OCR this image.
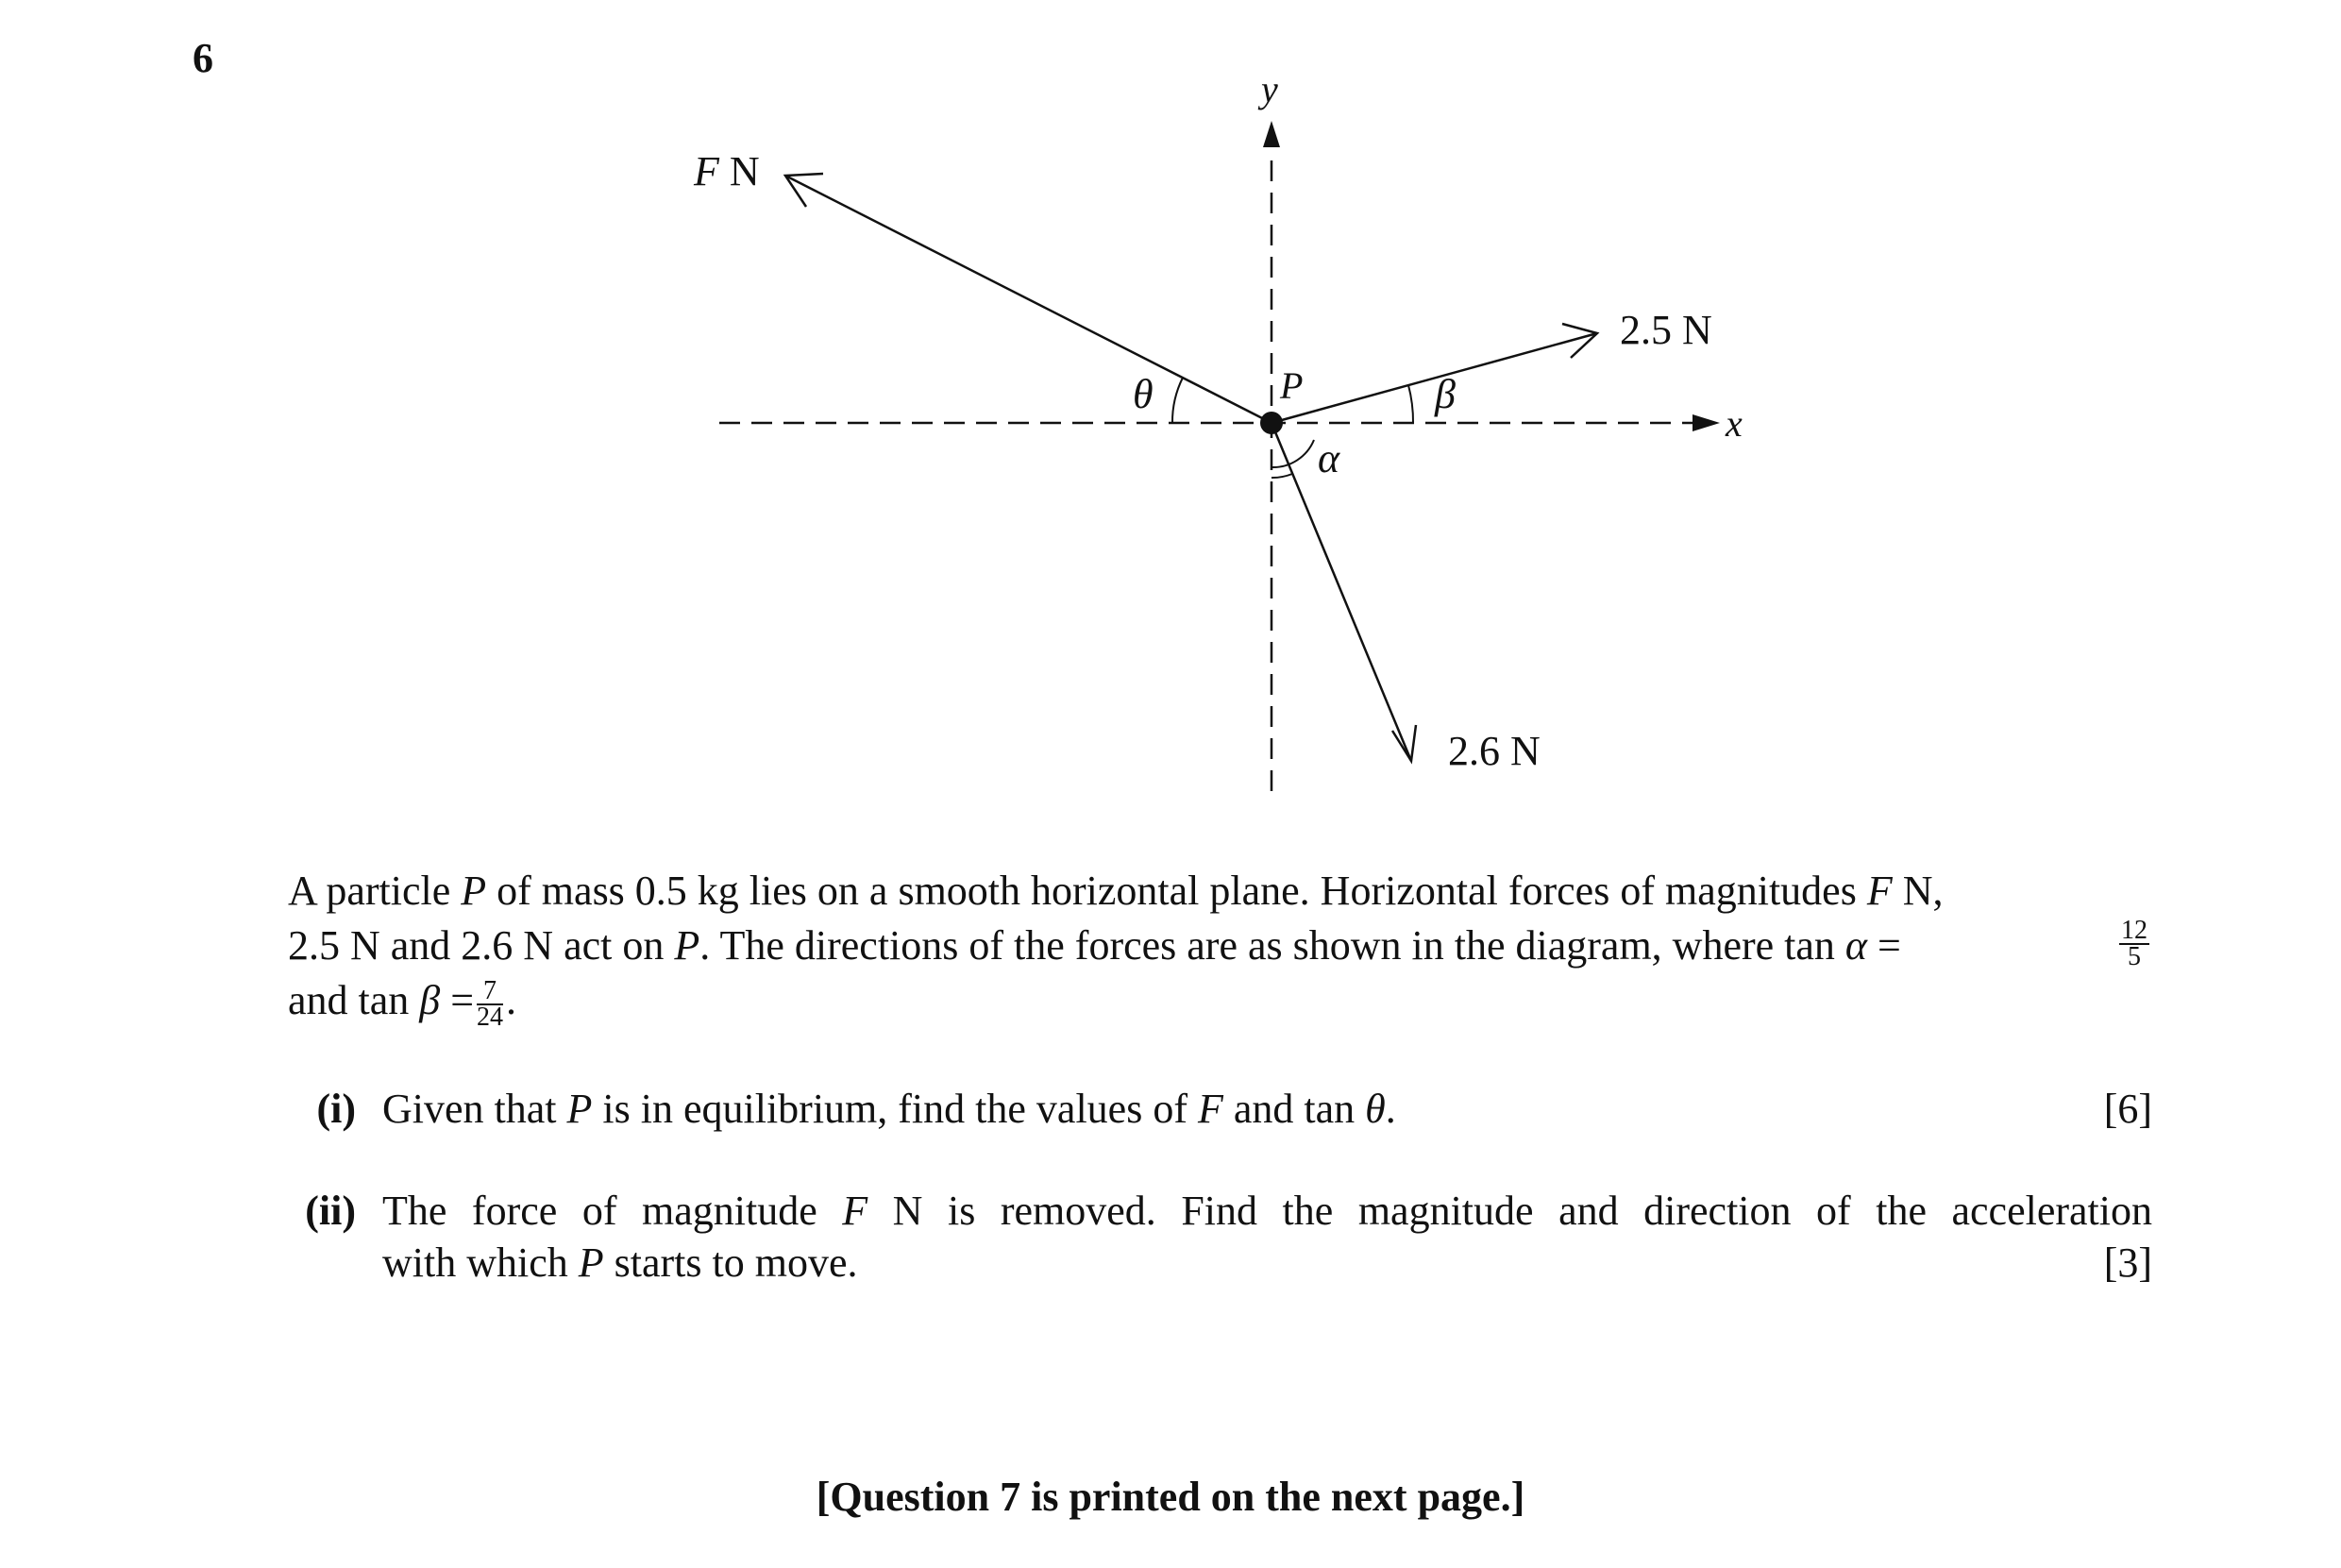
6
y
x
P
F N
2.5 N
2.6 N
θ	β
α
A particle P of mass 0.5 kg lies on a smooth horizontal plane. Horizontal forces of magnitudes F N,
2.5 N and 2.6 N act on P. The directions of the forces are as shown in the diagram, where tan α =	$\frac{12}{5}$
and $\tan \beta = \frac{7}{24}$ .
(i) Given that P is in equilibrium, find the values of F and tan θ.	[6]
(ii) The force of magnitude F N is removed. Find the magnitude and direction of the acceleration
with which P starts to move.	[3]
[Question 7 is printed on the next page.]
